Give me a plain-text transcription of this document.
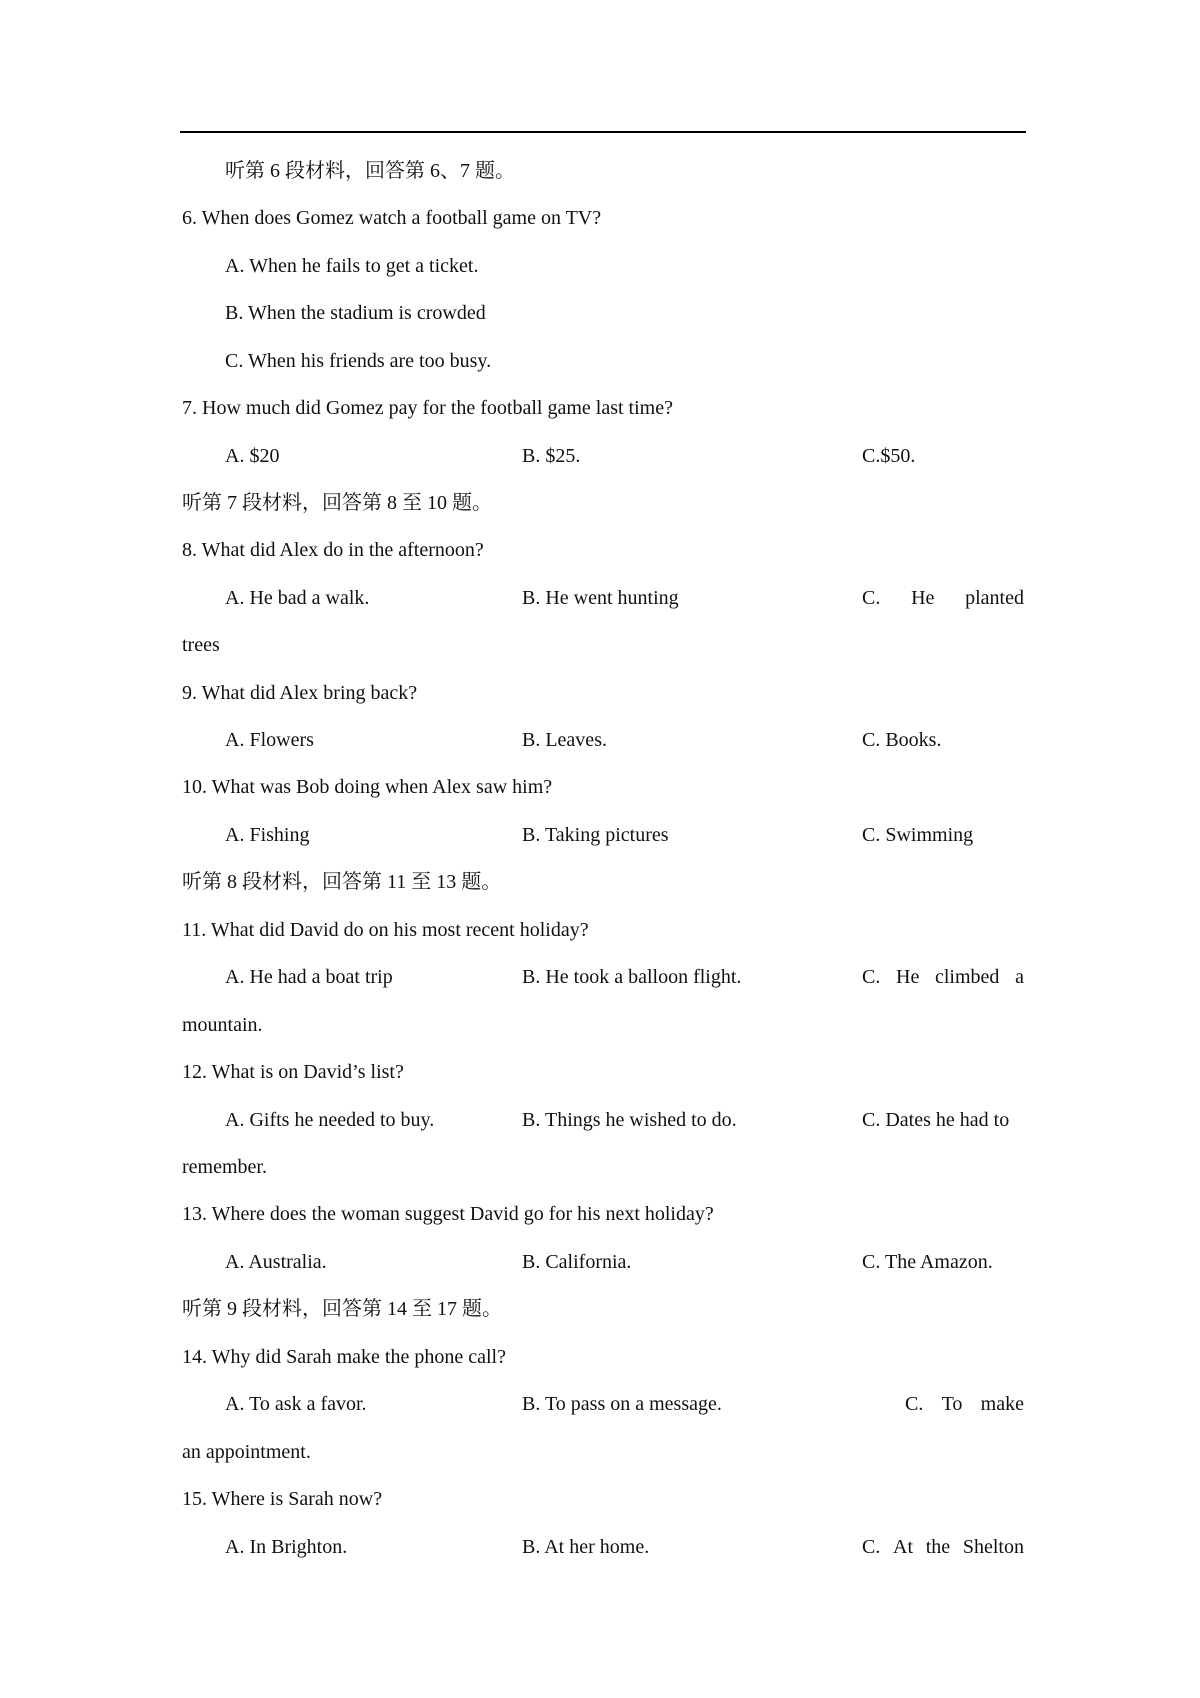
听第 6 段材料，回答第 6、7 题。
6. When does Gomez watch a football game on TV?
A. When he fails to get a ticket.
B. When the stadium is crowded
C. When his friends are too busy.
7. How much did Gomez pay for the football game last time?
A. $20	B. $25.	C.$50.
听第 7 段材料，回答第 8 至 10 题。
8. What did Alex do in the afternoon?
A. He bad a walk.	B. He went hunting	C. He planted
trees
9. What did Alex bring back?
A. Flowers	B. Leaves.	C. Books.
10. What was Bob doing when Alex saw him?
A. Fishing	B. Taking pictures	C. Swimming
听第 8 段材料，回答第 11 至 13 题。
11. What did David do on his most recent holiday?
A. He had a boat trip	B. He took a balloon flight.	C. He climbed a
mountain.
12. What is on David’s list?
A. Gifts he needed to buy.	B. Things he wished to do.	C. Dates he had to
remember.
13. Where does the woman suggest David go for his next holiday?
A. Australia.	B. California.	C. The Amazon.
听第 9 段材料，回答第 14 至 17 题。
14. Why did Sarah make the phone call?
A. To ask a favor.	B. To pass on a message.	C. To make
an appointment.
15. Where is Sarah now?
A. In Brighton.	B. At her home.	C. At the Shelton
